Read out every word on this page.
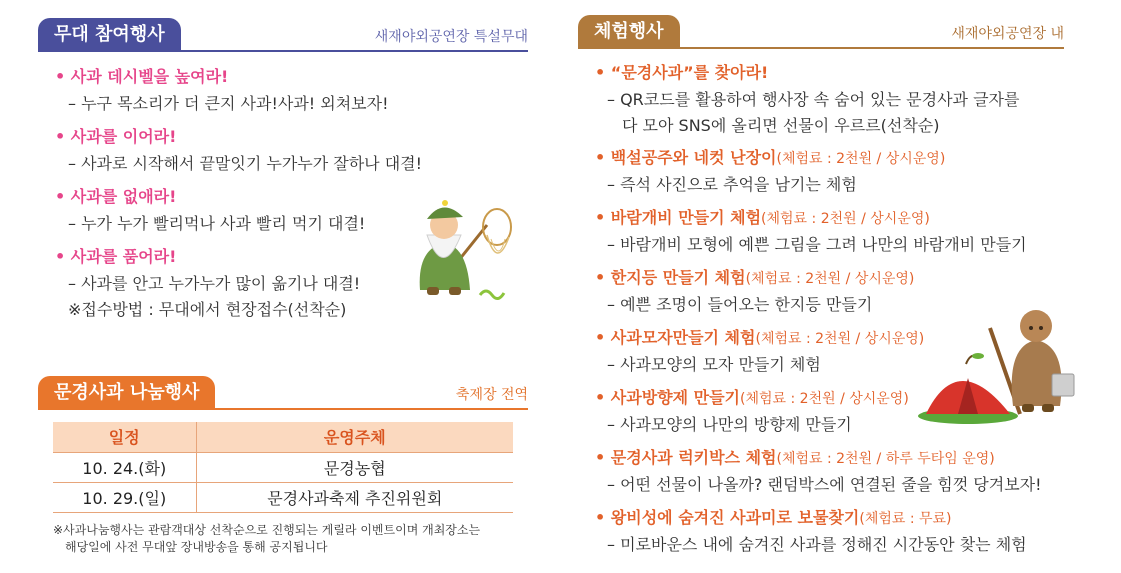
무대 참여행사	새재야외공연장 특설무대
• 사과 데시벨을 높여라!
– 누구 목소리가 더 큰지 사과!사과! 외쳐보자!
• 사과를 이어라!
– 사과로 시작해서 끝말잇기 누가누가 잘하나 대결!
• 사과를 없애라!
– 누가 누가 빨리먹나 사과 빨리 먹기 대결!
• 사과를 품어라!
– 사과를 안고 누가누가 많이 옮기나 대결!
※접수방법 : 무대에서 현장접수(선착순)
문경사과 나눔행사	축제장 전역
일정	운영주체
10. 24.(화)	문경농협
10. 29.(일)	문경사과축제 추진위원회
※사과나눔행사는 관람객대상 선착순으로 진행되는 게릴라 이벤트이며 개최장소는
해당일에 사전 무대앞 장내방송을 통해 공지됩니다
체험행사	새재야외공연장 내
• “문경사과”를 찾아라!
– QR코드를 활용하여 행사장 속 숨어 있는 문경사과 글자를
다 모아 SNS에 올리면 선물이 우르르(선착순)
• 백설공주와 네컷 난장이(체험료 : 2천원 / 상시운영)
– 즉석 사진으로 추억을 남기는 체험
• 바람개비 만들기 체험(체험료 : 2천원 / 상시운영)
– 바람개비 모형에 예쁜 그림을 그려 나만의 바람개비 만들기
• 한지등 만들기 체험(체험료 : 2천원 / 상시운영)
– 예쁜 조명이 들어오는 한지등 만들기
• 사과모자만들기 체험(체험료 : 2천원 / 상시운영)
– 사과모양의 모자 만들기 체험
• 사과방향제 만들기(체험료 : 2천원 / 상시운영)
– 사과모양의 나만의 방향제 만들기
• 문경사과 럭키박스 체험(체험료 : 2천원 / 하루 두타임 운영)
– 어떤 선물이 나올까? 랜덤박스에 연결된 줄을 힘껏 당겨보자!
• 왕비성에 숨겨진 사과미로 보물찾기(체험료 : 무료)
– 미로바운스 내에 숨겨진 사과를 정해진 시간동안 찾는 체험
